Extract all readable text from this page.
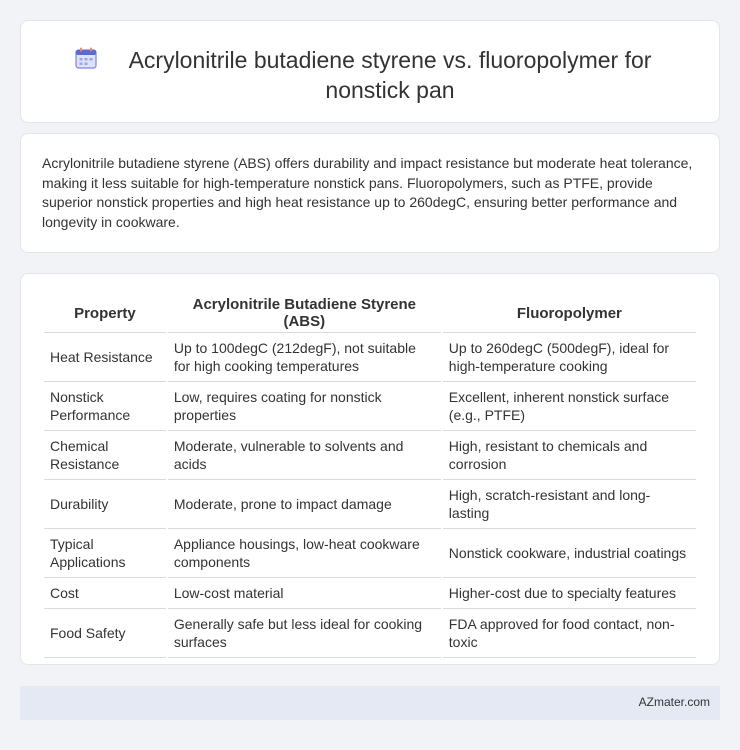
Acrylonitrile butadiene styrene vs. fluoropolymer for nonstick pan

Acrylonitrile butadiene styrene (ABS) offers durability and impact resistance but moderate heat tolerance, making it less suitable for high-temperature nonstick pans. Fluoropolymers, such as PTFE, provide superior nonstick properties and high heat resistance up to 260degC, ensuring better performance and longevity in cookware.

Property	Acrylonitrile Butadiene Styrene (ABS)	Fluoropolymer
Heat Resistance	Up to 100degC (212degF), not suitable for high cooking temperatures	Up to 260degC (500degF), ideal for high-temperature cooking
Nonstick Performance	Low, requires coating for nonstick properties	Excellent, inherent nonstick surface (e.g., PTFE)
Chemical Resistance	Moderate, vulnerable to solvents and acids	High, resistant to chemicals and corrosion
Durability	Moderate, prone to impact damage	High, scratch-resistant and long-lasting
Typical Applications	Appliance housings, low-heat cookware components	Nonstick cookware, industrial coatings
Cost	Low-cost material	Higher-cost due to specialty features
Food Safety	Generally safe but less ideal for cooking surfaces	FDA approved for food contact, non-toxic
AZmater.com
